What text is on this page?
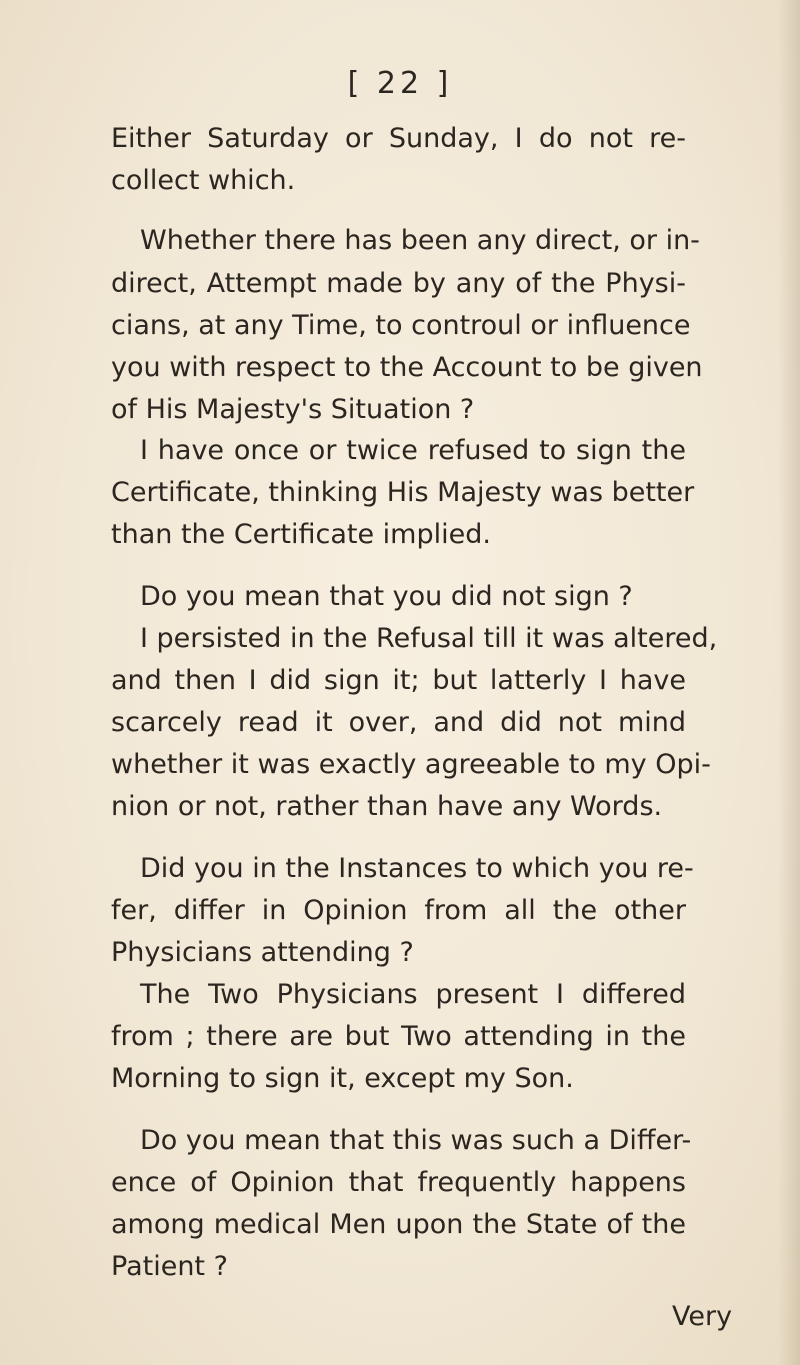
[ 22 ]
Either Saturday or Sunday, I do not re-
collect which.
Whether there has been any direct, or in-
direct, Attempt made by any of the Physi-
cians, at any Time, to controul or influence
you with respect to the Account to be given
of His Majesty's Situation ?
I have once or twice refused to sign the
Certificate, thinking His Majesty was better
than the Certificate implied.
Do you mean that you did not sign ?
I persisted in the Refusal till it was altered,
and then I did sign it; but latterly I have
scarcely read it over, and did not mind
whether it was exactly agreeable to my Opi-
nion or not, rather than have any Words.
Did you in the Instances to which you re-
fer, differ in Opinion from all the other
Physicians attending ?
The Two Physicians present I differed
from ; there are but Two attending in the
Morning to sign it, except my Son.
Do you mean that this was such a Differ-
ence of Opinion that frequently happens
among medical Men upon the State of the
Patient ?
Very
